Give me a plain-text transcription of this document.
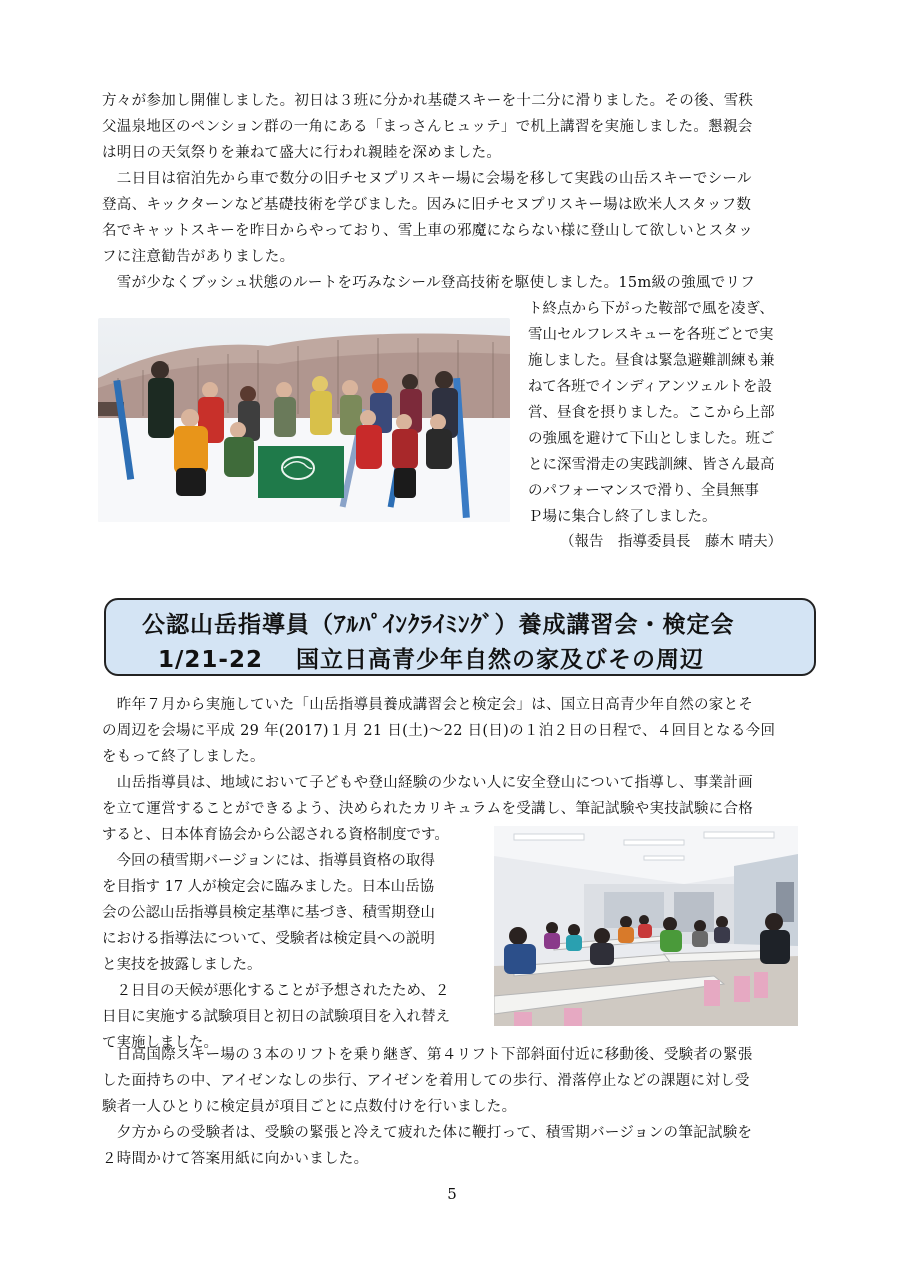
方々が参加し開催しました。初日は３班に分かれ基礎スキーを十二分に滑りました。その後、雪秩
父温泉地区のペンション群の一角にある「まっさんヒュッテ」で机上講習を実施しました。懇親会
は明日の天気祭りを兼ねて盛大に行われ親睦を深めました。
　二日目は宿泊先から車で数分の旧チセヌプリスキー場に会場を移して実践の山岳スキーでシール
登高、キックターンなど基礎技術を学びました。因みに旧チセヌプリスキー場は欧米人スタッフ数
名でキャットスキーを昨日からやっており、雪上車の邪魔にならない様に登山して欲しいとスタッ
フに注意勧告がありました。
　雪が少なくブッシュ状態のルートを巧みなシール登高技術を駆使しました。15m級の強風でリフ
ト終点から下がった鞍部で風を凌ぎ、
雪山セルフレスキューを各班ごとで実
施しました。昼食は緊急避難訓練も兼
ねて各班でインディアンツェルトを設
営、昼食を摂りました。ここから上部
の強風を避けて下山としました。班ご
とに深雪滑走の実践訓練、皆さん最高
のパフォーマンスで滑り、全員無事
Ｐ場に集合し終了しました。
（報告　指導委員長　藤木 晴夫）
公認山岳指導員（ｱﾙﾊﾟｲﾝｸﾗｲﾐﾝｸﾞ）養成講習会・検定会
1/21-22　 国立日高青少年自然の家及びその周辺
　昨年７月から実施していた「山岳指導員養成講習会と検定会」は、国立日高青少年自然の家とそ
の周辺を会場に平成 29 年(2017)１月 21 日(土)～22 日(日)の１泊２日の日程で、４回目となる今回
をもって終了しました。
　山岳指導員は、地域において子どもや登山経験の少ない人に安全登山について指導し、事業計画
を立て運営することができるよう、決められたカリキュラムを受講し、筆記試験や実技試験に合格
すると、日本体育協会から公認される資格制度です。
　今回の積雪期バージョンには、指導員資格の取得
を目指す 17 人が検定会に臨みました。日本山岳協
会の公認山岳指導員検定基準に基づき、積雪期登山
における指導法について、受験者は検定員への説明
と実技を披露しました。
　２日目の天候が悪化することが予想されたため、２
日目に実施する試験項目と初日の試験項目を入れ替え
て実施しました。
　日高国際スキー場の３本のリフトを乗り継ぎ、第４リフト下部斜面付近に移動後、受験者の緊張
した面持ちの中、アイゼンなしの歩行、アイゼンを着用しての歩行、滑落停止などの課題に対し受
験者一人ひとりに検定員が項目ごとに点数付けを行いました。
　夕方からの受験者は、受験の緊張と冷えて疲れた体に鞭打って、積雪期バージョンの筆記試験を
２時間かけて答案用紙に向かいました。
5
